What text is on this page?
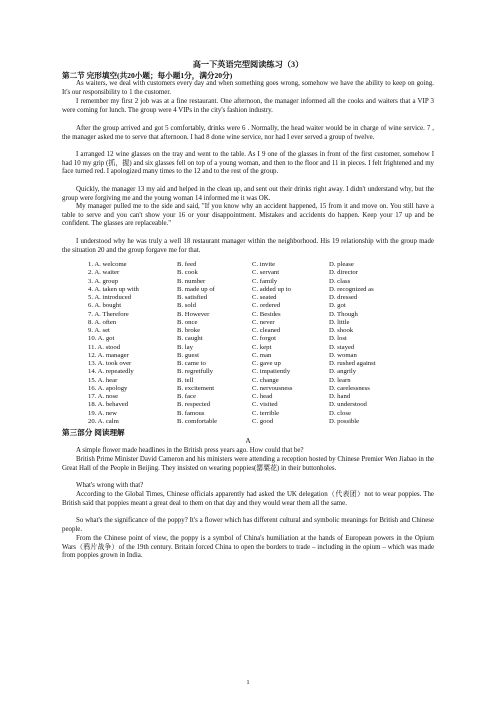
高一下英语完型阅读练习（3）
第二节 完形填空(共20小题；每小题1分，满分20分)
As waiters, we deal with customers every day and when something goes wrong, somehow we have the ability to keep on going. It's our responsibility to 1 the customer.
I remember my first 2 job was at a fine restaurant. One afternoon, the manager informed all the cooks and waiters that a VIP 3 were coming for lunch. The group were 4 VIPs in the city's fashion industry.
After the group arrived and got 5 comfortably, drinks were 6 . Normally, the head waiter would be in charge of wine service. 7 , the manager asked me to serve that afternoon. I had 8 done wine service, nor had I ever served a group of twelve.
I arranged 12 wine glasses on the tray and went to the table. As I 9 one of the glasses in front of the first customer, somehow I had 10 my grip (抓，握) and six glasses fell on top of a young woman, and then to the floor and 11 in pieces. I felt frightened and my face turned red. I apologized many times to the 12 and to the rest of the group.
Quickly, the manager 13 my aid and helped in the clean up, and sent out their drinks right away. I didn't understand why, but the group were forgiving me and the young woman 14 informed me it was OK.
My manager pulled me to the side and said, "If you know why an accident happened, 15 from it and move on. You still have a table to serve and you can't show your 16 or your disappointment. Mistakes and accidents do happen. Keep your 17 up and be confident. The glasses are replaceable."
I understood why he was truly a well 18 restaurant manager within the neighborhood. His 19 relationship with the group made the situation 20 and the group forgave me for that.
1. A. welcome	B. feed	C. invite	D. please
2. A. waiter	B. cook	C. servant	D. director
3. A. group	B. number	C. family	D. class
4. A. taken up with	B. made up of	C. added up to	D. recognized as
5. A. introduced	B. satisfied	C. seated	D. dressed
6. A. bought	B. sold	C. ordered	D. got
7. A. Therefore	B. However	C. Besides	D. Though
8. A. often	B. once	C. never	D. little
9. A. set	B. broke	C. cleaned	D. shook
10. A. got	B. caught	C. forgot	D. lost
11. A. stood	B. lay	C. kept	D. stayed
12. A. manager	B. guest	C. man	D. woman
13. A. took over	B. came to	C. gave up	D. rushed against
14. A. repeatedly	B. regretfully	C. impatiently	D. angrily
15. A. hear	B. tell	C. change	D. learn
16. A. apology	B. excitement	C. nervousness	D. carelessness
17. A. nose	B. face	C. head	D. hand
18. A. behaved	B. respected	C. visited	D. understood
19. A. new	B. famous	C. terrible	D. close
20. A. calm	B. comfortable	C. good	D. possible
第三部分 阅读理解
A
A simple flower made headlines in the British press years ago. How could that be?
British Prime Minister David Cameron and his ministers were attending a reception hosted by Chinese Premier Wen Jiabao in the Great Hall of the People in Beijing. They insisted on wearing poppies(罂粟花) in their buttonholes.
What's wrong with that?
According to the Global Times, Chinese officials apparently had asked the UK delegation（代表团）not to wear poppies. The British said that poppies meant a great deal to them on that day and they would wear them all the same.
So what's the significance of the poppy? It's a flower which has different cultural and symbolic meanings for British and Chinese people.
From the Chinese point of view, the poppy is a symbol of China's humiliation at the hands of European powers in the Opium Wars（鸦片战争）of the 19th century. Britain forced China to open the borders to trade – including in the opium – which was made from poppies grown in India.
1
